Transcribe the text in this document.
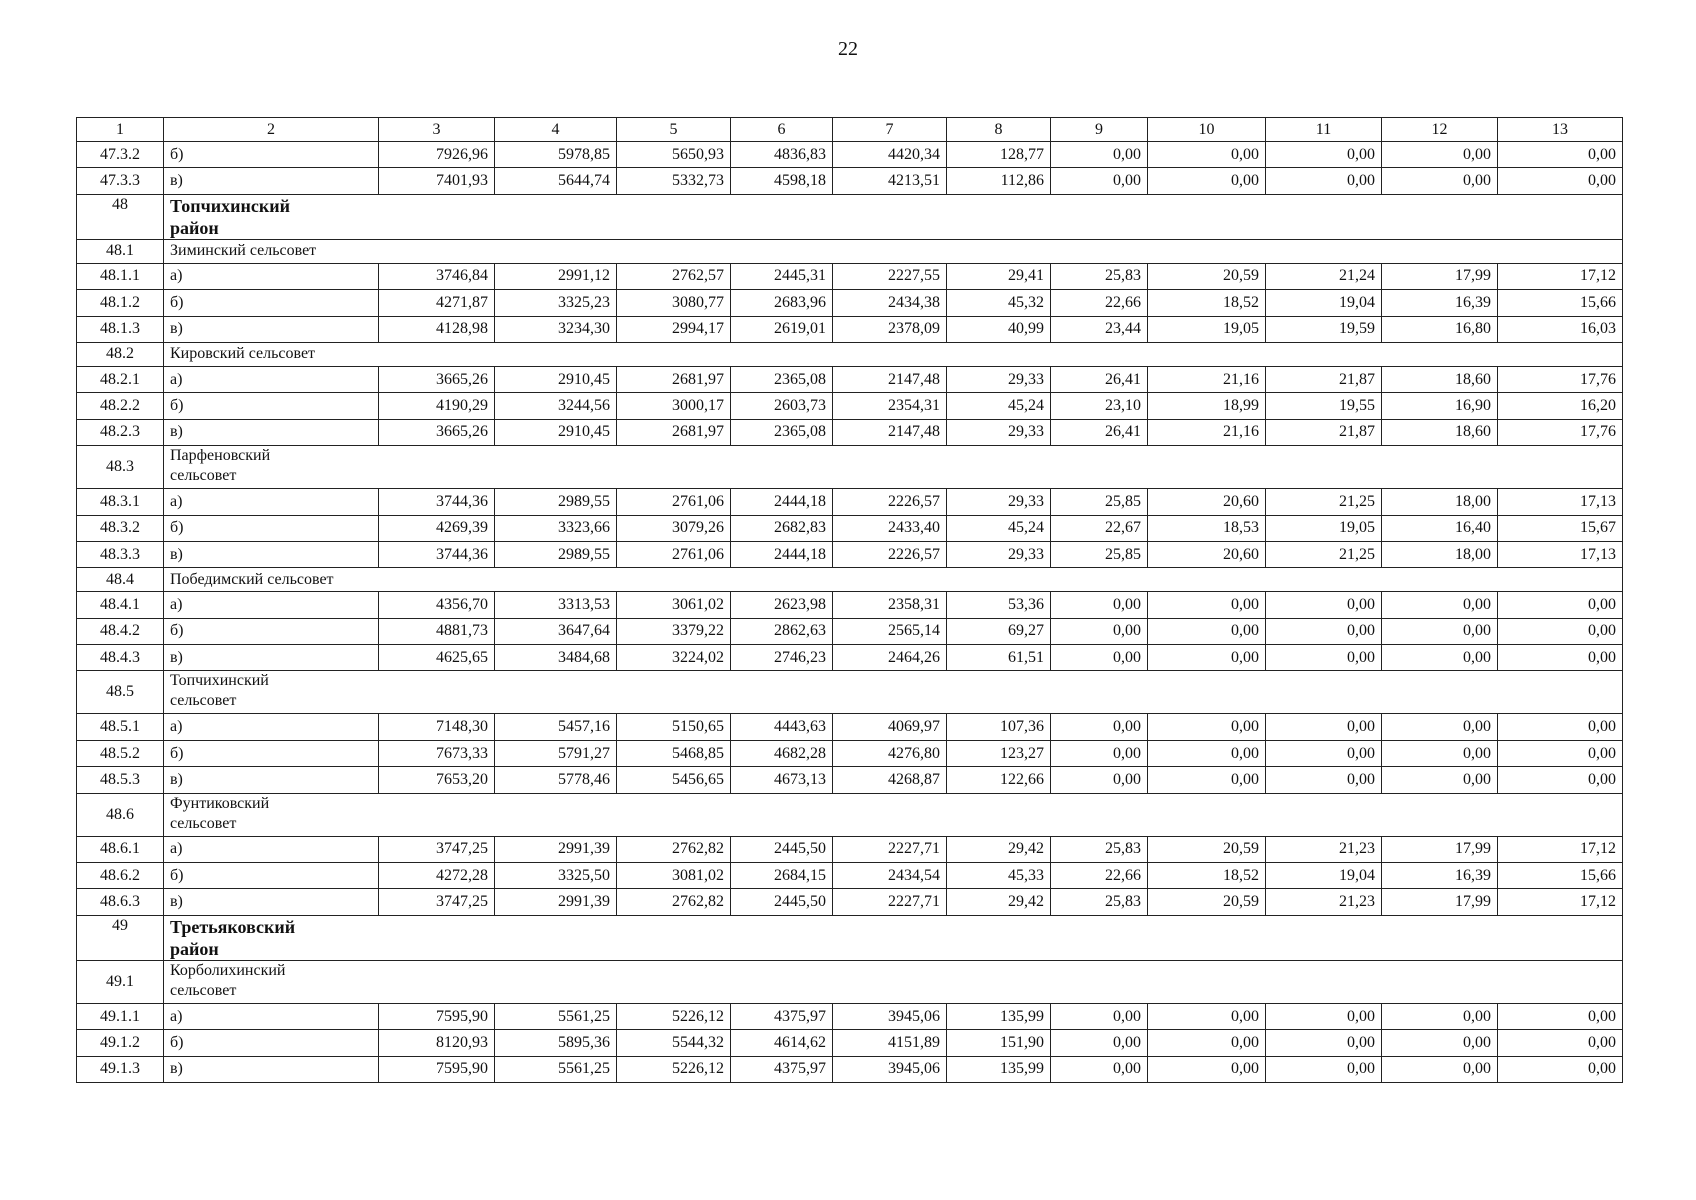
22
1	2	3	4	5	6	7	8	9	10	11	12	13
47.3.2	б)	7926,96	5978,85	5650,93	4836,83	4420,34	128,77	0,00	0,00	0,00	0,00	0,00
47.3.3	в)	7401,93	5644,74	5332,73	4598,18	4213,51	112,86	0,00	0,00	0,00	0,00	0,00
48	Топчихинский район											

48.1	Зиминский сельсовет											
48.1.1	а)	3746,84	2991,12	2762,57	2445,31	2227,55	29,41	25,83	20,59	21,24	17,99	17,12
48.1.2	б)	4271,87	3325,23	3080,77	2683,96	2434,38	45,32	22,66	18,52	19,04	16,39	15,66
48.1.3	в)	4128,98	3234,30	2994,17	2619,01	2378,09	40,99	23,44	19,05	19,59	16,80	16,03
48.2	Кировский сельсовет											
48.2.1	а)	3665,26	2910,45	2681,97	2365,08	2147,48	29,33	26,41	21,16	21,87	18,60	17,76
48.2.2	б)	4190,29	3244,56	3000,17	2603,73	2354,31	45,24	23,10	18,99	19,55	16,90	16,20
48.2.3	в)	3665,26	2910,45	2681,97	2365,08	2147,48	29,33	26,41	21,16	21,87	18,60	17,76
48.3	Парфеновский сельсовет											

48.3.1	а)	3744,36	2989,55	2761,06	2444,18	2226,57	29,33	25,85	20,60	21,25	18,00	17,13
48.3.2	б)	4269,39	3323,66	3079,26	2682,83	2433,40	45,24	22,67	18,53	19,05	16,40	15,67
48.3.3	в)	3744,36	2989,55	2761,06	2444,18	2226,57	29,33	25,85	20,60	21,25	18,00	17,13
48.4	Победимский сельсовет											
48.4.1	а)	4356,70	3313,53	3061,02	2623,98	2358,31	53,36	0,00	0,00	0,00	0,00	0,00
48.4.2	б)	4881,73	3647,64	3379,22	2862,63	2565,14	69,27	0,00	0,00	0,00	0,00	0,00
48.4.3	в)	4625,65	3484,68	3224,02	2746,23	2464,26	61,51	0,00	0,00	0,00	0,00	0,00
48.5	Топчихинский сельсовет											

48.5.1	а)	7148,30	5457,16	5150,65	4443,63	4069,97	107,36	0,00	0,00	0,00	0,00	0,00
48.5.2	б)	7673,33	5791,27	5468,85	4682,28	4276,80	123,27	0,00	0,00	0,00	0,00	0,00
48.5.3	в)	7653,20	5778,46	5456,65	4673,13	4268,87	122,66	0,00	0,00	0,00	0,00	0,00
48.6	Фунтиковский сельсовет											

48.6.1	а)	3747,25	2991,39	2762,82	2445,50	2227,71	29,42	25,83	20,59	21,23	17,99	17,12
48.6.2	б)	4272,28	3325,50	3081,02	2684,15	2434,54	45,33	22,66	18,52	19,04	16,39	15,66
48.6.3	в)	3747,25	2991,39	2762,82	2445,50	2227,71	29,42	25,83	20,59	21,23	17,99	17,12
49	Третьяковский район											

49.1	Корболихинский сельсовет											

49.1.1	а)	7595,90	5561,25	5226,12	4375,97	3945,06	135,99	0,00	0,00	0,00	0,00	0,00
49.1.2	б)	8120,93	5895,36	5544,32	4614,62	4151,89	151,90	0,00	0,00	0,00	0,00	0,00
49.1.3	в)	7595,90	5561,25	5226,12	4375,97	3945,06	135,99	0,00	0,00	0,00	0,00	0,00
